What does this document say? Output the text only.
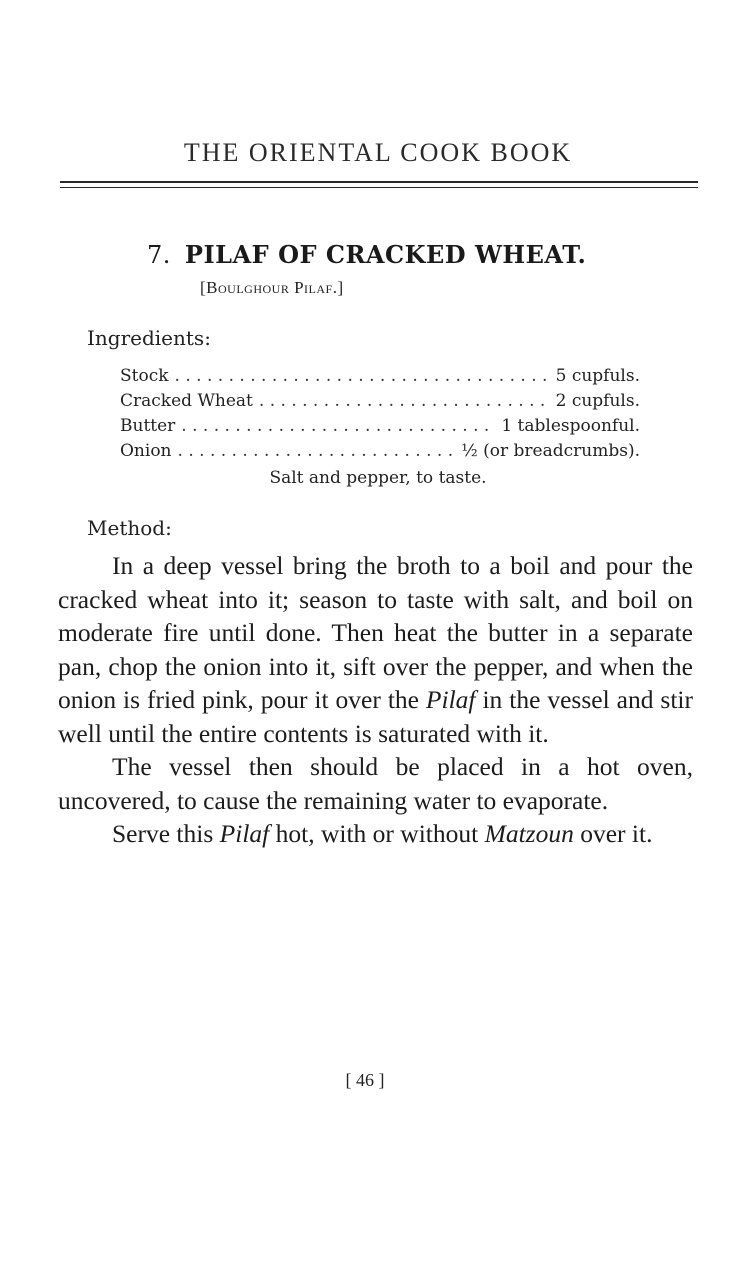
THE ORIENTAL COOK BOOK
7. PILAF OF CRACKED WHEAT.
[Boulghour Pilaf.]
Ingredients:
Stock . . .	5 cupfuls.
Cracked Wheat . . .	2 cupfuls.
Butter . . .	1 tablespoonful.
Onion . . .	½ (or breadcrumbs).
Salt and pepper, to taste.
Method:

In a deep vessel bring the broth to a boil and pour the cracked wheat into it; season to taste with salt, and boil on moderate fire until done. Then heat the butter in a separate pan, chop the onion into it, sift over the pepper, and when the onion is fried pink, pour it over the Pilaf in the vessel and stir well until the entire contents is saturated with it.

The vessel then should be placed in a hot oven, uncovered, to cause the remaining water to evaporate.

Serve this Pilaf hot, with or without Matzoun over it.

[ 46 ]
